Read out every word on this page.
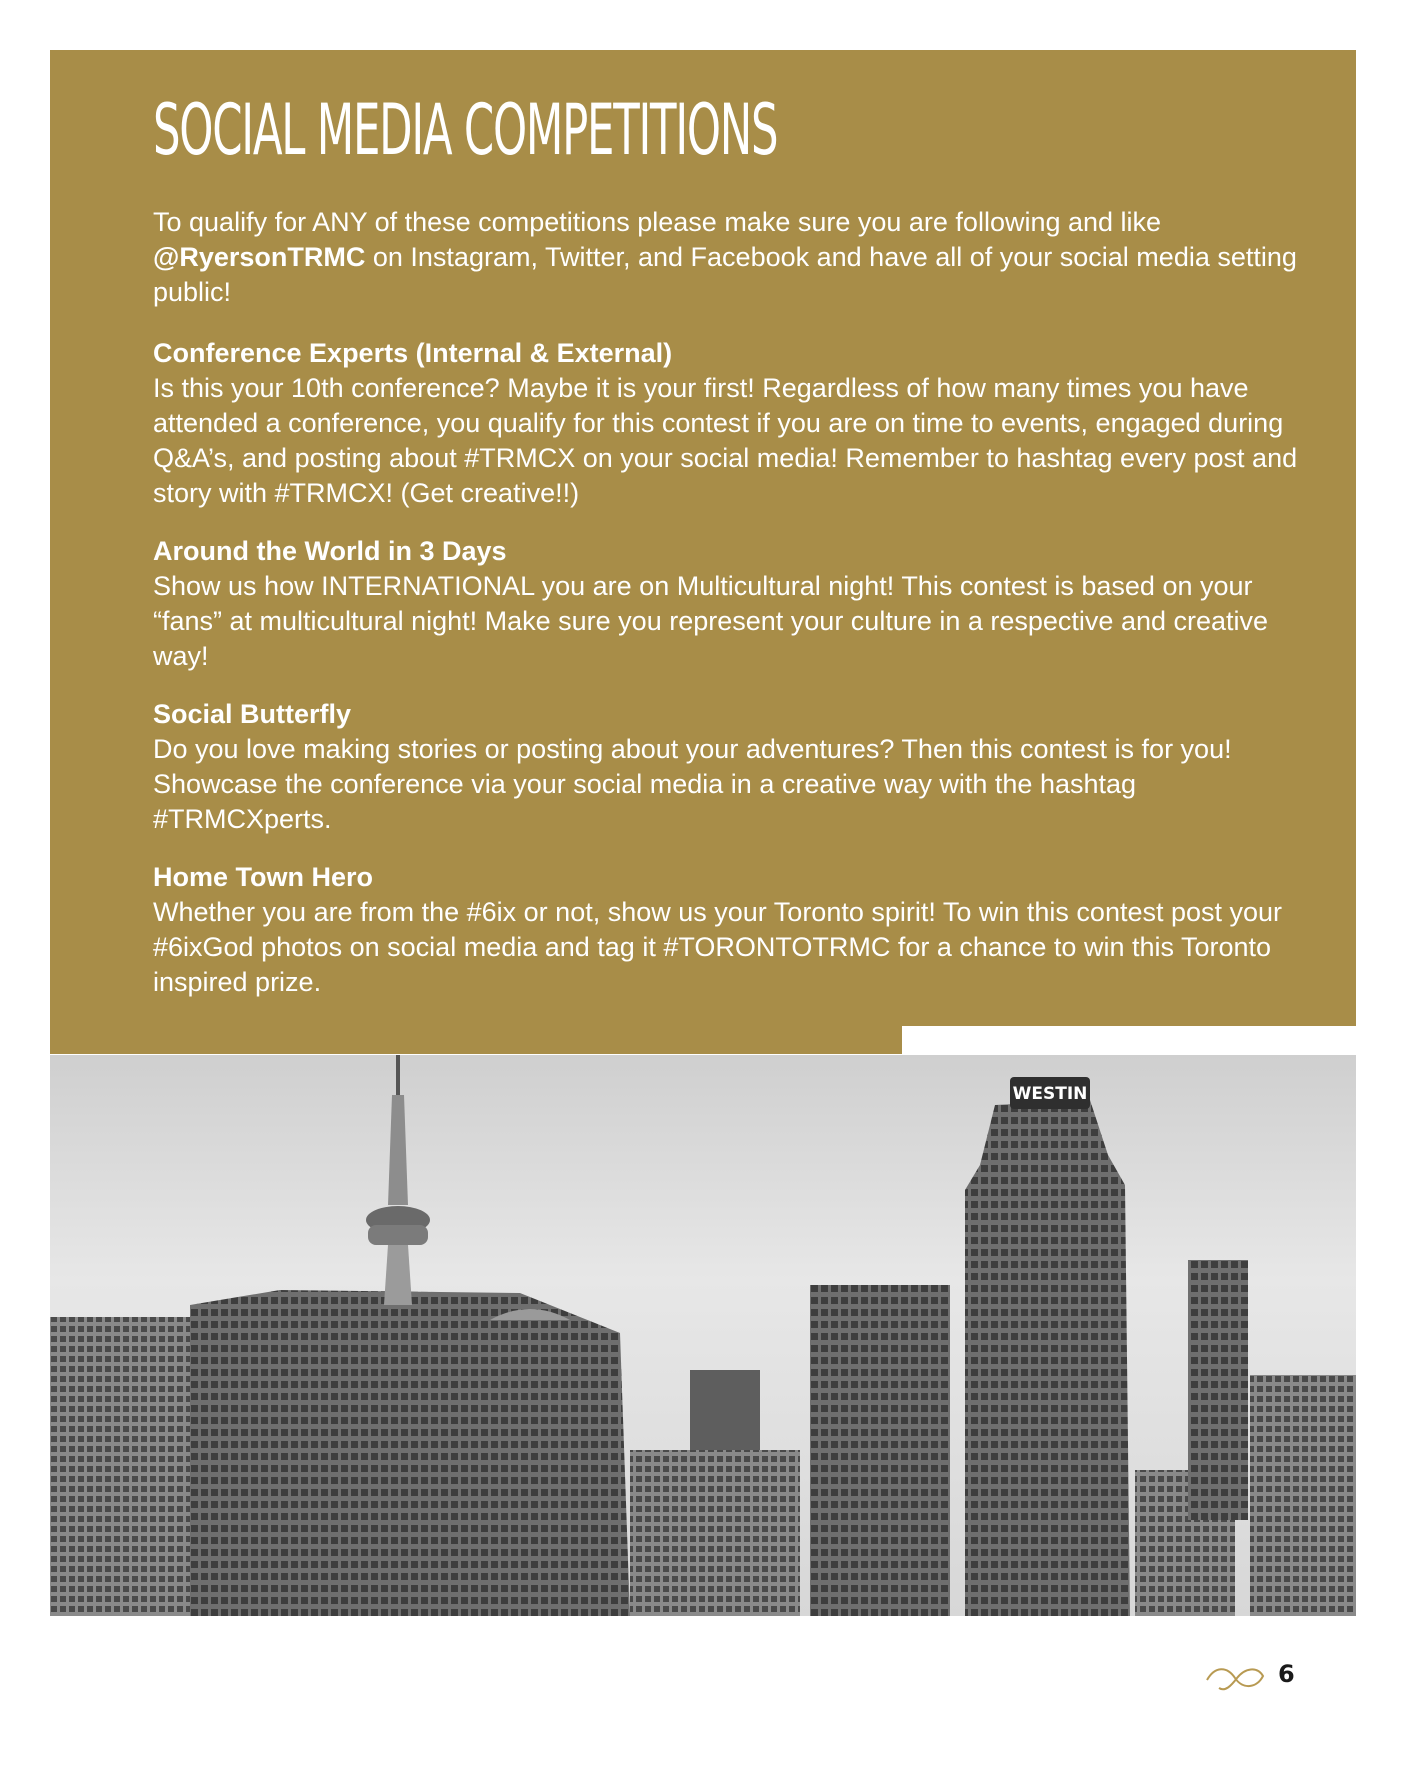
SOCIAL MEDIA COMPETITIONS

To qualify for ANY of these competitions please make sure you are following and like @RyersonTRMC on Instagram, Twitter, and Facebook and have all of your social media setting public!

Conference Experts (Internal & External)

Is this your 10th conference? Maybe it is your first! Regardless of how many times you have attended a conference, you qualify for this contest if you are on time to events, engaged during Q&A’s, and posting about #TRMCX on your social media! Remember to hashtag every post and story with #TRMCX! (Get creative!!)

Around the World in 3 Days

Show us how INTERNATIONAL you are on Multicultural night! This contest is based on your “fans” at multicultural night! Make sure you represent your culture in a respective and creative way!

Social Butterfly

Do you love making stories or posting about your adventures? Then this contest is for you! Showcase the conference via your social media in a creative way with the hashtag #TRMCXperts.

Home Town Hero

Whether you are from the #6ix or not, show us your Toronto spirit! To win this contest post your #6ixGod photos on social media and tag it #TORONTOTRMC for a chance to win this Toronto inspired prize.

WESTIN

6
